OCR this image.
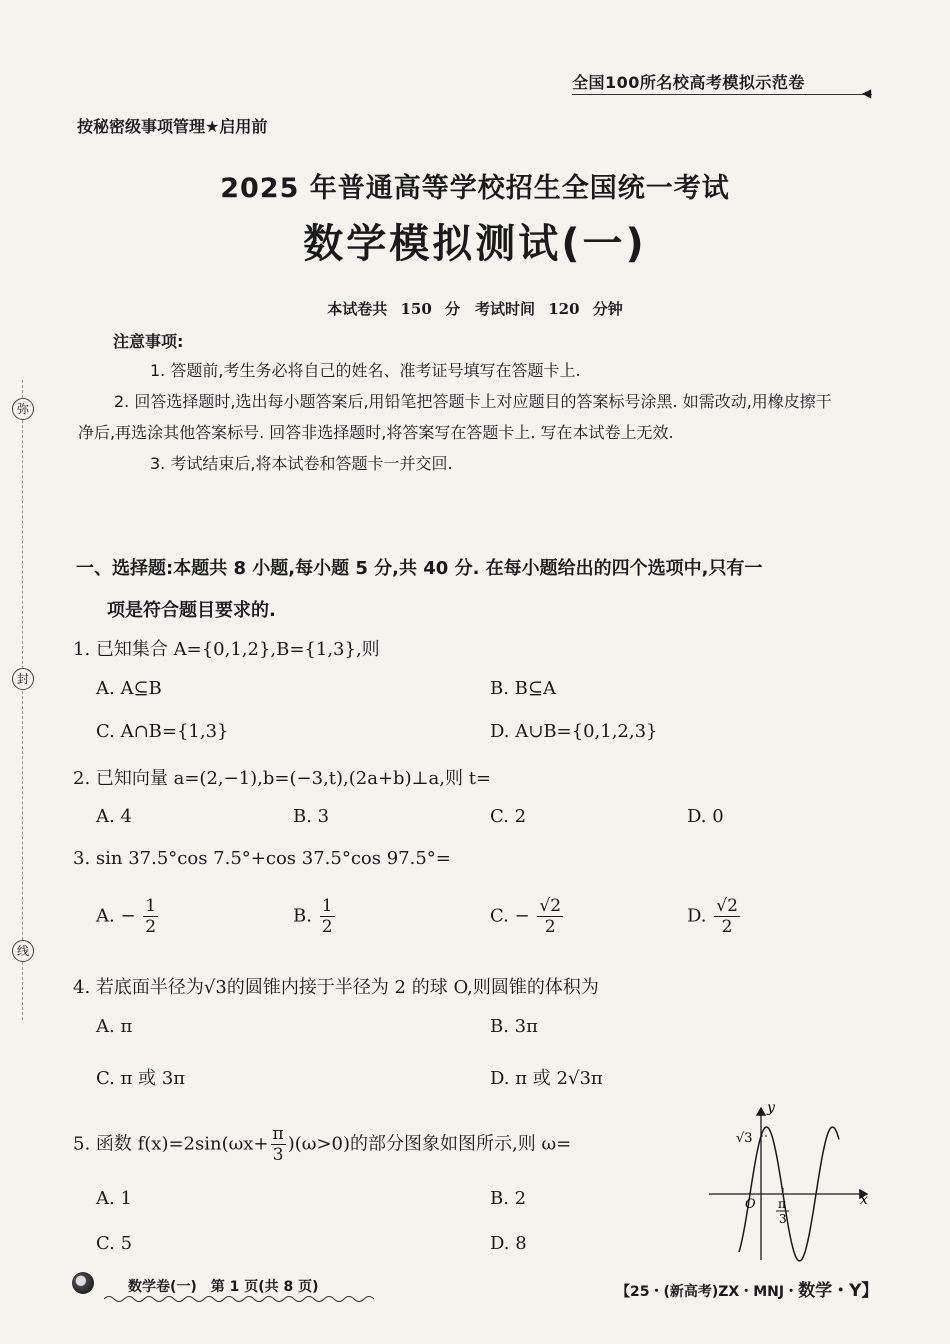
全国100所名校高考模拟示范卷
◀
按秘密级事项管理★启用前
2025 年普通高等学校招生全国统一考试
数学模拟测试(一)
本试卷共 150 分　考试时间 120 分钟
注意事项:

1. 答题前,考生务必将自己的姓名、准考证号填写在答题卡上.

2. 回答选择题时,选出每小题答案后,用铅笔把答题卡上对应题目的答案标号涂黑. 如需改动,用橡皮擦干净后,再选涂其他答案标号. 回答非选择题时,将答案写在答题卡上. 写在本试卷上无效.

3. 考试结束后,将本试卷和答题卡一并交回.

一、选择题:本题共 8 小题,每小题 5 分,共 40 分. 在每小题给出的四个选项中,只有一
项是符合题目要求的.
1. 已知集合 A={0,1,2},B={1,3},则
A. A⊆B	B. B⊆A
C. A∩B={1,3}	D. A∪B={0,1,2,3}
2. 已知向量 a=(2,−1),b=(−3,t),(2a+b)⊥a,则 t=
A. 4	B. 3	C. 2	D. 0
3. sin 37.5°cos 7.5°+cos 37.5°cos 97.5°=
A. − $\frac{1}{2}$	B. $\frac{1}{2}$	C. − $\frac{√2}{2}$	D. $\frac{√2}{2}$
4. 若底面半径为√3的圆锥内接于半径为 2 的球 O,则圆锥的体积为
A. π	B. 3π
C. π 或 3π	D. π 或 2√3π
5. 函数 $f(x)=2\sin(\omega x+ \frac{\pi}{3} )(\omega>0)$的部分图象如图所示,则 ω=
A. 1	B. 2
C. 5	D. 8
y
x
O
√3
π
3
弥
封
线
数学卷(一)　第 1 页(共 8 页)	【25・(新高考)ZX・MNJ・数学・Y】
